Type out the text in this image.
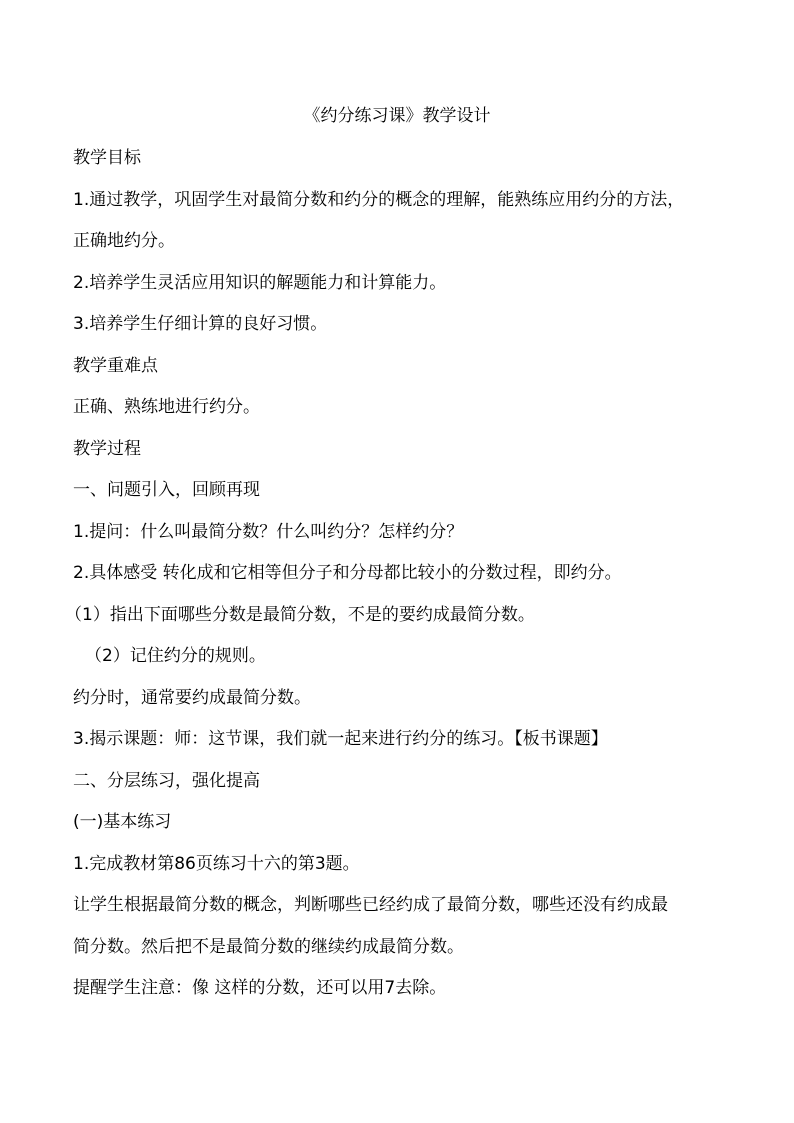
《约分练习课》教学设计
教学目标
1.通过教学，巩固学生对最简分数和约分的概念的理解，能熟练应用约分的方法，
正确地约分。
2.培养学生灵活应用知识的解题能力和计算能力。
3.培养学生仔细计算的良好习惯。
教学重难点
正确、熟练地进行约分。
教学过程
一、问题引入，回顾再现
1.提问：什么叫最简分数？什么叫约分？怎样约分？
2.具体感受 转化成和它相等但分子和分母都比较小的分数过程，即约分。
（1）指出下面哪些分数是最简分数，不是的要约成最简分数。
（2）记住约分的规则。
约分时，通常要约成最简分数。
3.揭示课题：师：这节课，我们就一起来进行约分的练习。【板书课题】
二、分层练习，强化提高
(一)基本练习
1.完成教材第86页练习十六的第3题。
让学生根据最简分数的概念，判断哪些已经约成了最简分数，哪些还没有约成最
简分数。然后把不是最简分数的继续约成最简分数。
提醒学生注意：像 这样的分数，还可以用7去除。
